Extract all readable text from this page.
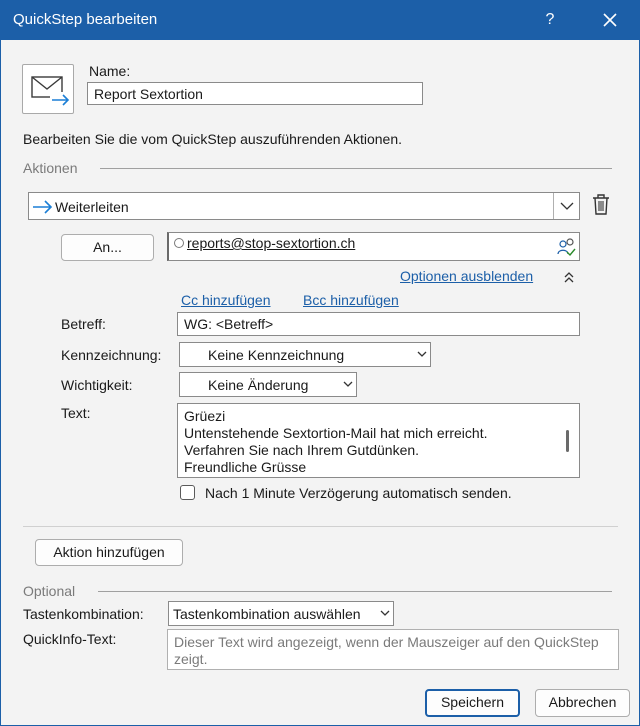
QuickStep bearbeiten	?
Name:
Report Sextortion
Bearbeiten Sie die vom QuickStep auszuführenden Aktionen.
Aktionen
Weiterleiten
An...	reports@stop-sextortion.ch
Optionen ausblenden
Cc hinzufügen Bcc hinzufügen
Betreff:	WG: <Betreff>
Kennzeichnung:	Keine Kennzeichnung
Wichtigkeit:	Keine Änderung
Text:	Grüezi
Untenstehende Sextortion-Mail hat mich erreicht.
Verfahren Sie nach Ihrem Gutdünken.
Freundliche Grüsse
Nach 1 Minute Verzögerung automatisch senden.
Aktion hinzufügen
Optional
Tastenkombination:	Tastenkombination auswählen
QuickInfo-Text:	Dieser Text wird angezeigt, wenn der Mauszeiger auf den QuickStep zeigt.
Speichern	Abbrechen
